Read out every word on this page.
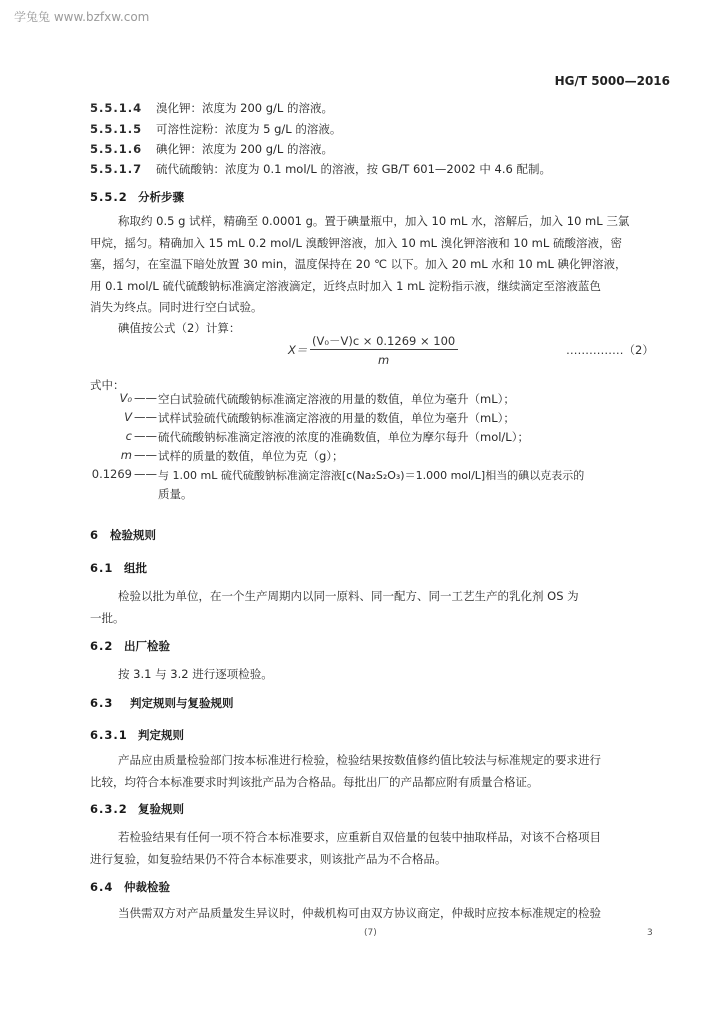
学兔兔 www.bzfxw.com
HG/T 5000—2016
5.5.1.4 溴化钾：浓度为 200 g/L 的溶液。
5.5.1.5 可溶性淀粉：浓度为 5 g/L 的溶液。
5.5.1.6 碘化钾：浓度为 200 g/L 的溶液。
5.5.1.7 硫代硫酸钠：浓度为 0.1 mol/L 的溶液，按 GB/T 601—2002 中 4.6 配制。
5.5.2 分析步骤
称取约 0.5 g 试样，精确至 0.0001 g。置于碘量瓶中，加入 10 mL 水，溶解后，加入 10 mL 三氯
甲烷，摇匀。精确加入 15 mL 0.2 mol/L 溴酸钾溶液，加入 10 mL 溴化钾溶液和 10 mL 硫酸溶液，密
塞，摇匀，在室温下暗处放置 30 min，温度保持在 20 ℃ 以下。加入 20 mL 水和 10 mL 碘化钾溶液，
用 0.1 mol/L 硫代硫酸钠标准滴定溶液滴定，近终点时加入 1 mL 淀粉指示液，继续滴定至溶液蓝色
消失为终点。同时进行空白试验。
碘值按公式（2）计算：
X＝
(V₀－V)c × 0.1269 × 100
m
……………（2）
式中：
V₀ —— 空白试验硫代硫酸钠标准滴定溶液的用量的数值，单位为毫升（mL）；
V —— 试样试验硫代硫酸钠标准滴定溶液的用量的数值，单位为毫升（mL）；
c —— 硫代硫酸钠标准滴定溶液的浓度的准确数值，单位为摩尔每升（mol/L）；
m —— 试样的质量的数值，单位为克（g）；
0.1269 —— 与 1.00 mL 硫代硫酸钠标准滴定溶液[c(Na₂S₂O₃)＝1.000 mol/L]相当的碘以克表示的
质量。
6 检验规则
6.1 组批
检验以批为单位，在一个生产周期内以同一原料、同一配方、同一工艺生产的乳化剂 OS 为
一批。
6.2 出厂检验
按 3.1 与 3.2 进行逐项检验。
6.3 判定规则与复验规则
6.3.1 判定规则
产品应由质量检验部门按本标准进行检验，检验结果按数值修约值比较法与标准规定的要求进行
比较，均符合本标准要求时判该批产品为合格品。每批出厂的产品都应附有质量合格证。
6.3.2 复验规则
若检验结果有任何一项不符合本标准要求，应重新自双倍量的包装中抽取样品，对该不合格项目
进行复验，如复验结果仍不符合本标准要求，则该批产品为不合格品。
6.4 仲裁检验
当供需双方对产品质量发生异议时，仲裁机构可由双方协议商定，仲裁时应按本标准规定的检验
(7)	3
